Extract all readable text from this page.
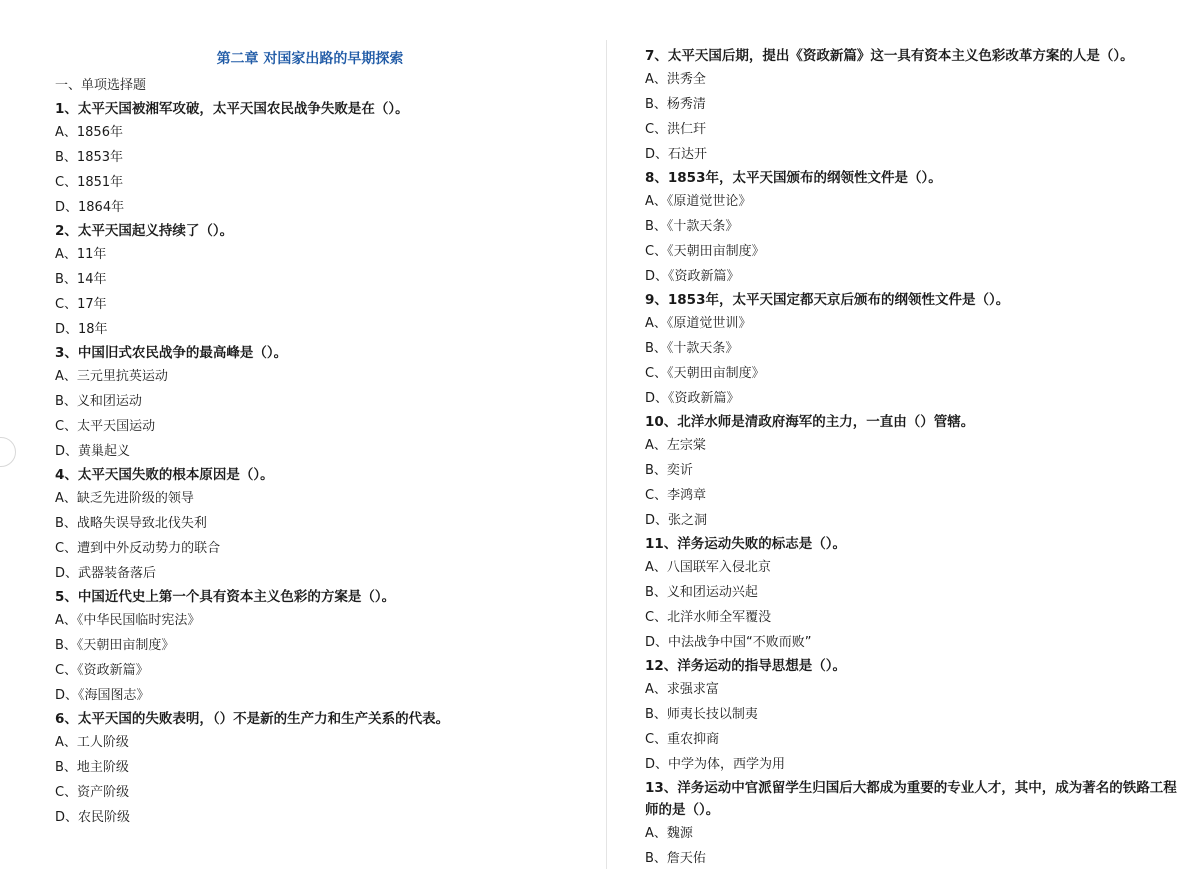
第二章 对国家出路的早期探索
一、单项选择题
1、太平天国被湘军攻破，太平天国农民战争失败是在（）。
A、1856年
B、1853年
C、1851年
D、1864年
2、太平天国起义持续了（）。
A、11年
B、14年
C、17年
D、18年
3、中国旧式农民战争的最高峰是（）。
A、三元里抗英运动
B、义和团运动
C、太平天国运动
D、黄巢起义
4、太平天国失败的根本原因是（）。
A、缺乏先进阶级的领导
B、战略失误导致北伐失利
C、遭到中外反动势力的联合
D、武器装备落后
5、中国近代史上第一个具有资本主义色彩的方案是（）。
A、《中华民国临时宪法》
B、《天朝田亩制度》
C、《资政新篇》
D、《海国图志》
6、太平天国的失败表明，（）不是新的生产力和生产关系的代表。
A、工人阶级
B、地主阶级
C、资产阶级
D、农民阶级
7、太平天国后期，提出《资政新篇》这一具有资本主义色彩改革方案的人是（）。
A、洪秀全
B、杨秀清
C、洪仁玕
D、石达开
8、1853年，太平天国颁布的纲领性文件是（）。
A、《原道觉世论》
B、《十款天条》
C、《天朝田亩制度》
D、《资政新篇》
9、1853年，太平天国定都天京后颁布的纲领性文件是（）。
A、《原道觉世训》
B、《十款天条》
C、《天朝田亩制度》
D、《资政新篇》
10、北洋水师是清政府海军的主力，一直由（）管辖。
A、左宗棠
B、奕䜣
C、李鸿章
D、张之洞
11、洋务运动失败的标志是（）。
A、八国联军入侵北京
B、义和团运动兴起
C、北洋水师全军覆没
D、中法战争中国“不败而败”
12、洋务运动的指导思想是（）。
A、求强求富
B、师夷长技以制夷
C、重农抑商
D、中学为体，西学为用
13、洋务运动中官派留学生归国后大都成为重要的专业人才，其中，成为著名的铁路工程师的是（）。
A、魏源
B、詹天佑
